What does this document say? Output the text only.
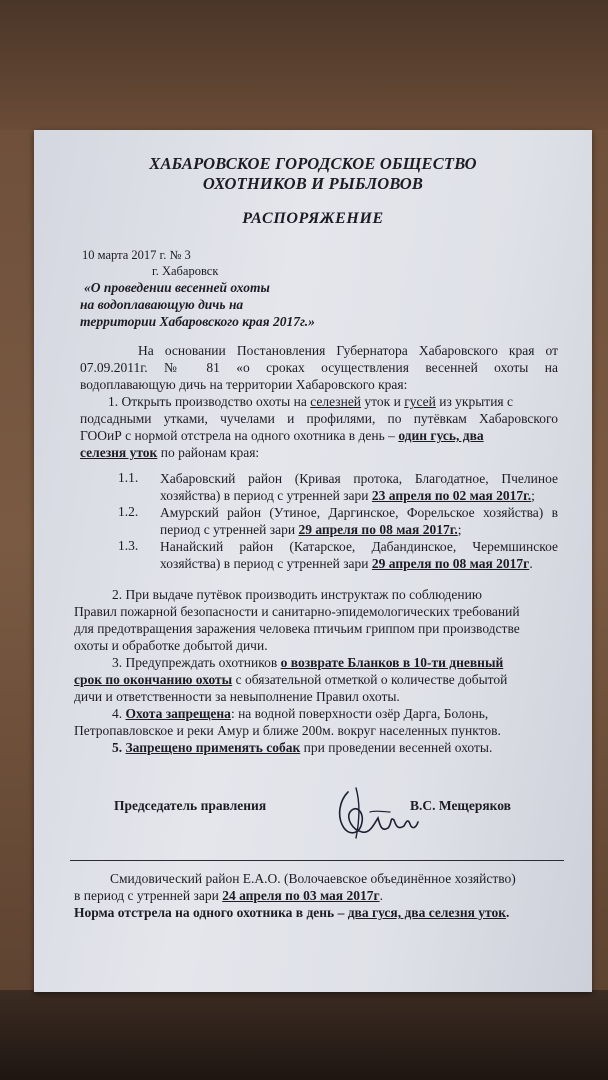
ХАБАРОВСКОЕ ГОРОДСКОЕ ОБЩЕСТВО
ОХОТНИКОВ И РЫБЛОВОВ
РАСПОРЯЖЕНИЕ
10 марта 2017 г. № 3
г. Хабаровск
«О проведении весенней охоты
на водоплавающую дичь на
территории Хабаровского края 2017г.»
На основании Постановления Губернатора Хабаровского края от
07.09.2011г. № 81 «о сроках осуществления весенней охоты на
водоплавающую дичь на территории Хабаровского края:
1. Открыть производство охоты на селезней уток и гусей из укрытия с
подсадными утками, чучелами и профилями, по путёвкам Хабаровского
ГООиР с нормой отстрела на одного охотника в день – один гусь, два
селезня уток по районам края:
1.1. Хабаровский район (Кривая протока, Благодатное, Пчелиное
хозяйства) в период с утренней зари 23 апреля по 02 мая 2017г.;
1.2. Амурский район (Утиное, Даргинское, Форельское хозяйства) в
период с утренней зари 29 апреля по 08 мая 2017г.;
1.3. Нанайский район (Катарское, Дабандинское, Черемшинское
хозяйства) в период с утренней зари 29 апреля по 08 мая 2017г.
2. При выдаче путёвок производить инструктаж по соблюдению
Правил пожарной безопасности и санитарно-эпидемологических требований
для предотвращения заражения человека птичьим гриппом при производстве
охоты и обработке добытой дичи.
3. Предупреждать охотников о возврате Бланков в 10-ти дневный
срок по окончанию охоты с обязательной отметкой о количестве добытой
дичи и ответственности за невыполнение Правил охоты.
4. Охота запрещена: на водной поверхности озёр Дарга, Болонь,
Петропавловское и реки Амур и ближе 200м. вокруг населенных пунктов.
5. Запрещено применять собак при проведении весенней охоты.
Председатель правления	В.С. Мещеряков
Смидовический район Е.А.О. (Волочаевское объединённое хозяйство)
в период с утренней зари 24 апреля по 03 мая 2017г.
Норма отстрела на одного охотника в день – два гуся, два селезня уток.
